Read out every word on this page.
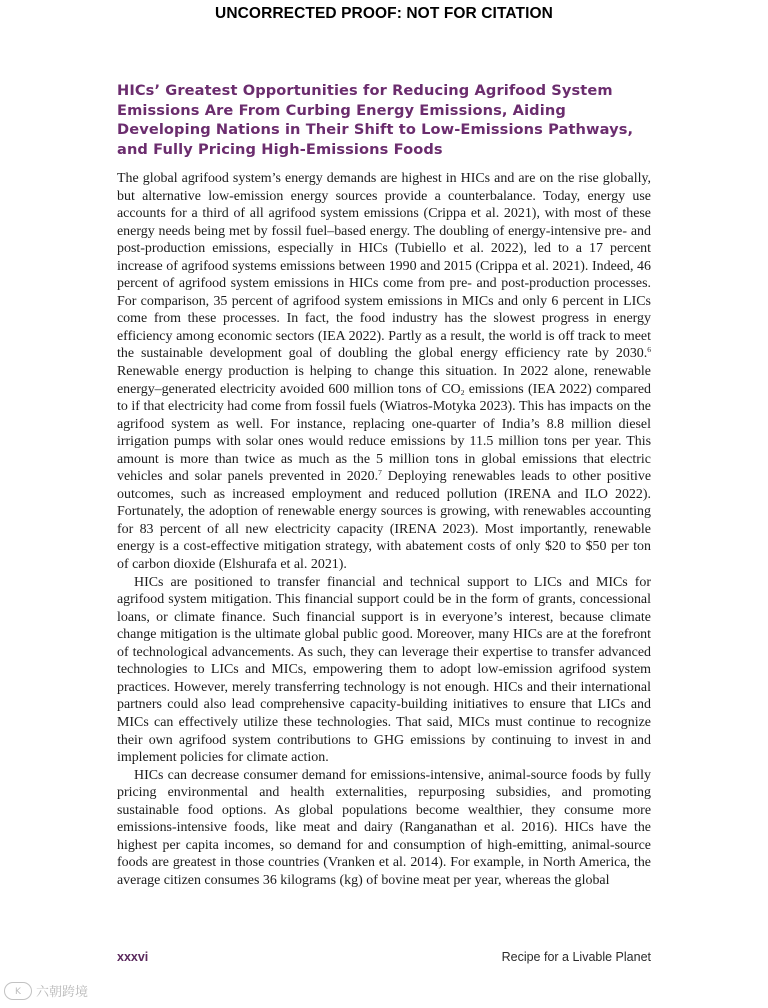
UNCORRECTED PROOF: NOT FOR CITATION
HICs’ Greatest Opportunities for Reducing Agrifood System Emissions Are From Curbing Energy Emissions, Aiding Developing Nations in Their Shift to Low-Emissions Pathways, and Fully Pricing High-Emissions Foods

The global agrifood system’s energy demands are highest in HICs and are on the rise globally, but alternative low-emission energy sources provide a counterbalance. Today, energy use accounts for a third of all agrifood system emissions (Crippa et al. 2021), with most of these energy needs being met by fossil fuel–based energy. The doubling of energy-intensive pre- and post-production emissions, especially in HICs (Tubiello et al. 2022), led to a 17 percent increase of agrifood systems emissions between 1990 and 2015 (Crippa et al. 2021). Indeed, 46 percent of agrifood system emissions in HICs come from pre- and post-production processes. For comparison, 35 percent of agrifood system emissions in MICs and only 6 percent in LICs come from these processes. In fact, the food industry has the slowest progress in energy efficiency among economic sectors (IEA 2022). Partly as a result, the world is off track to meet the sustainable development goal of doubling the global energy efficiency rate by 2030.$^6$ Renewable energy production is helping to change this situation. In 2022 alone, renewable energy–generated electricity avoided 600 million tons of $CO_2$ emissions (IEA 2022) compared to if that electricity had come from fossil fuels (Wiatros-Motyka 2023). This has impacts on the agrifood system as well. For instance, replacing one-quarter of India’s 8.8 million diesel irrigation pumps with solar ones would reduce emissions by 11.5 million tons per year. This amount is more than twice as much as the 5 million tons in global emissions that electric vehicles and solar panels prevented in 2020.$^7$ Deploying renewables leads to other positive outcomes, such as increased employment and reduced pollution (IRENA and ILO 2022). Fortunately, the adoption of renewable energy sources is growing, with renewables accounting for 83 percent of all new electricity capacity (IRENA 2023). Most importantly, renewable energy is a cost-effective mitigation strategy, with abatement costs of only $20 to $50 per ton of carbon dioxide (Elshurafa et al. 2021).

HICs are positioned to transfer financial and technical support to LICs and MICs for agrifood system mitigation. This financial support could be in the form of grants, concessional loans, or climate finance. Such financial support is in everyone’s interest, because climate change mitigation is the ultimate global public good. Moreover, many HICs are at the forefront of technological advancements. As such, they can leverage their expertise to transfer advanced technologies to LICs and MICs, empowering them to adopt low-emission agrifood system practices. However, merely transferring technology is not enough. HICs and their international partners could also lead comprehensive capacity-building initiatives to ensure that LICs and MICs can effectively utilize these technologies. That said, MICs must continue to recognize their own agrifood system contributions to GHG emissions by continuing to invest in and implement policies for climate action.

HICs can decrease consumer demand for emissions-intensive, animal-source foods by fully pricing environmental and health externalities, repurposing subsidies, and promoting sustainable food options. As global populations become wealthier, they consume more emissions-intensive foods, like meat and dairy (Ranganathan et al. 2016). HICs have the highest per capita incomes, so demand for and consumption of high-emitting, animal-source foods are greatest in those countries (Vranken et al. 2014). For example, in North America, the average citizen consumes 36 kilograms (kg) of bovine meat per year, whereas the global

xxxvi	Recipe for a Livable Planet
K	六朝跨境
